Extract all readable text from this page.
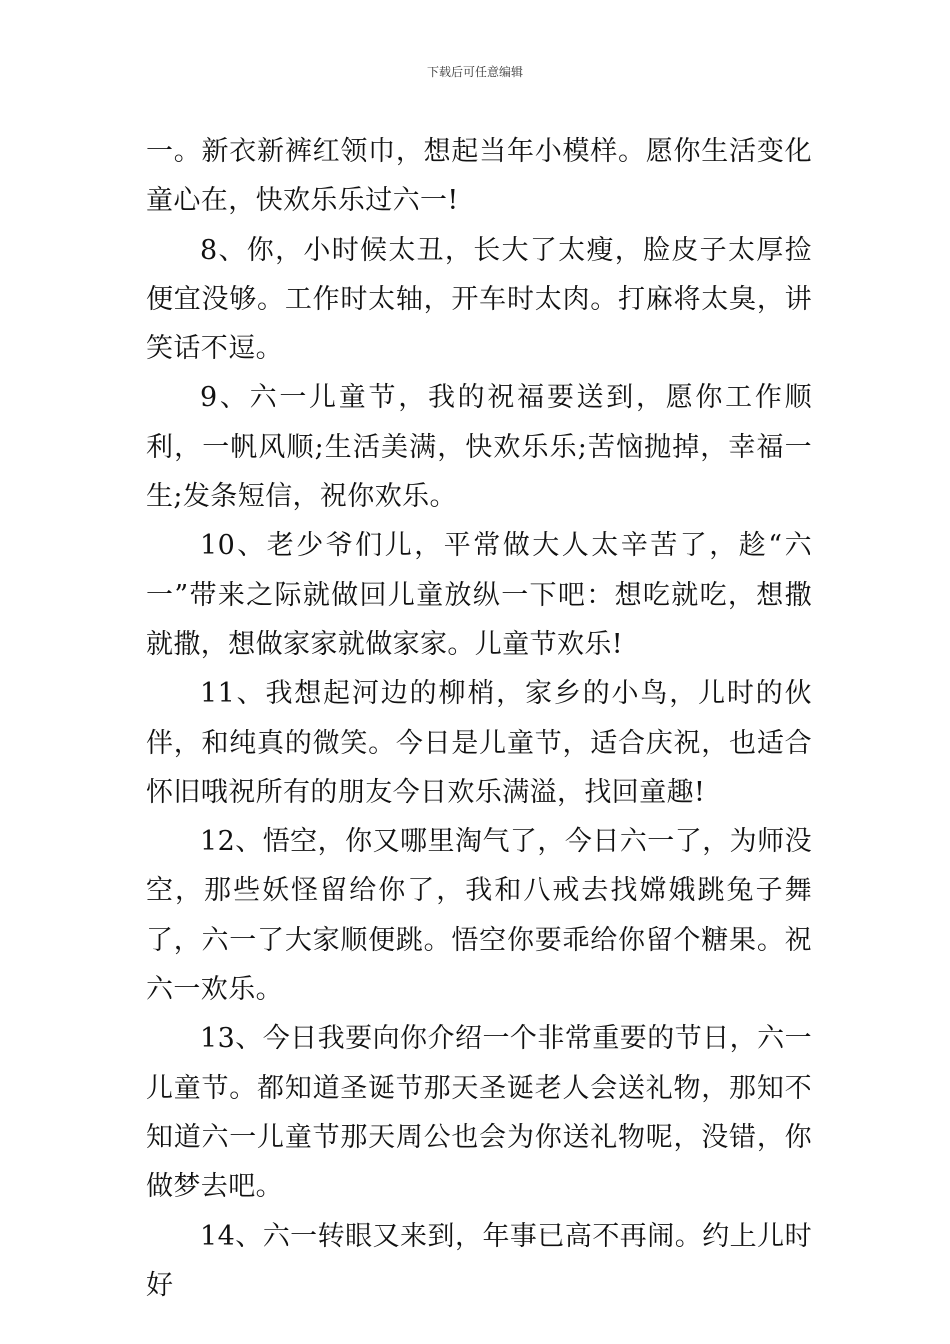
下载后可任意编辑

一。新衣新裤红领巾，想起当年小模样。愿你生活变化童心在，快欢乐乐过六一!

8、你，小时候太丑，长大了太瘦，脸皮子太厚捡便宜没够。工作时太轴，开车时太肉。打麻将太臭，讲笑话不逗。

9、六一儿童节，我的祝福要送到，愿你工作顺利，一帆风顺;生活美满，快欢乐乐;苦恼抛掉，幸福一生;发条短信，祝你欢乐。

10、老少爷们儿，平常做大人太辛苦了，趁“六一”带来之际就做回儿童放纵一下吧：想吃就吃，想撒就撒，想做家家就做家家。儿童节欢乐!

11、我想起河边的柳梢，家乡的小鸟，儿时的伙伴，和纯真的微笑。今日是儿童节，适合庆祝，也适合怀旧哦祝所有的朋友今日欢乐满溢，找回童趣!

12、悟空，你又哪里淘气了，今日六一了，为师没空，那些妖怪留给你了，我和八戒去找嫦娥跳兔子舞了，六一了大家顺便跳。悟空你要乖给你留个糖果。祝六一欢乐。

13、今日我要向你介绍一个非常重要的节日，六一儿童节。都知道圣诞节那天圣诞老人会送礼物，那知不知道六一儿童节那天周公也会为你送礼物呢，没错，你做梦去吧。

14、六一转眼又来到，年事已高不再闹。约上儿时好
